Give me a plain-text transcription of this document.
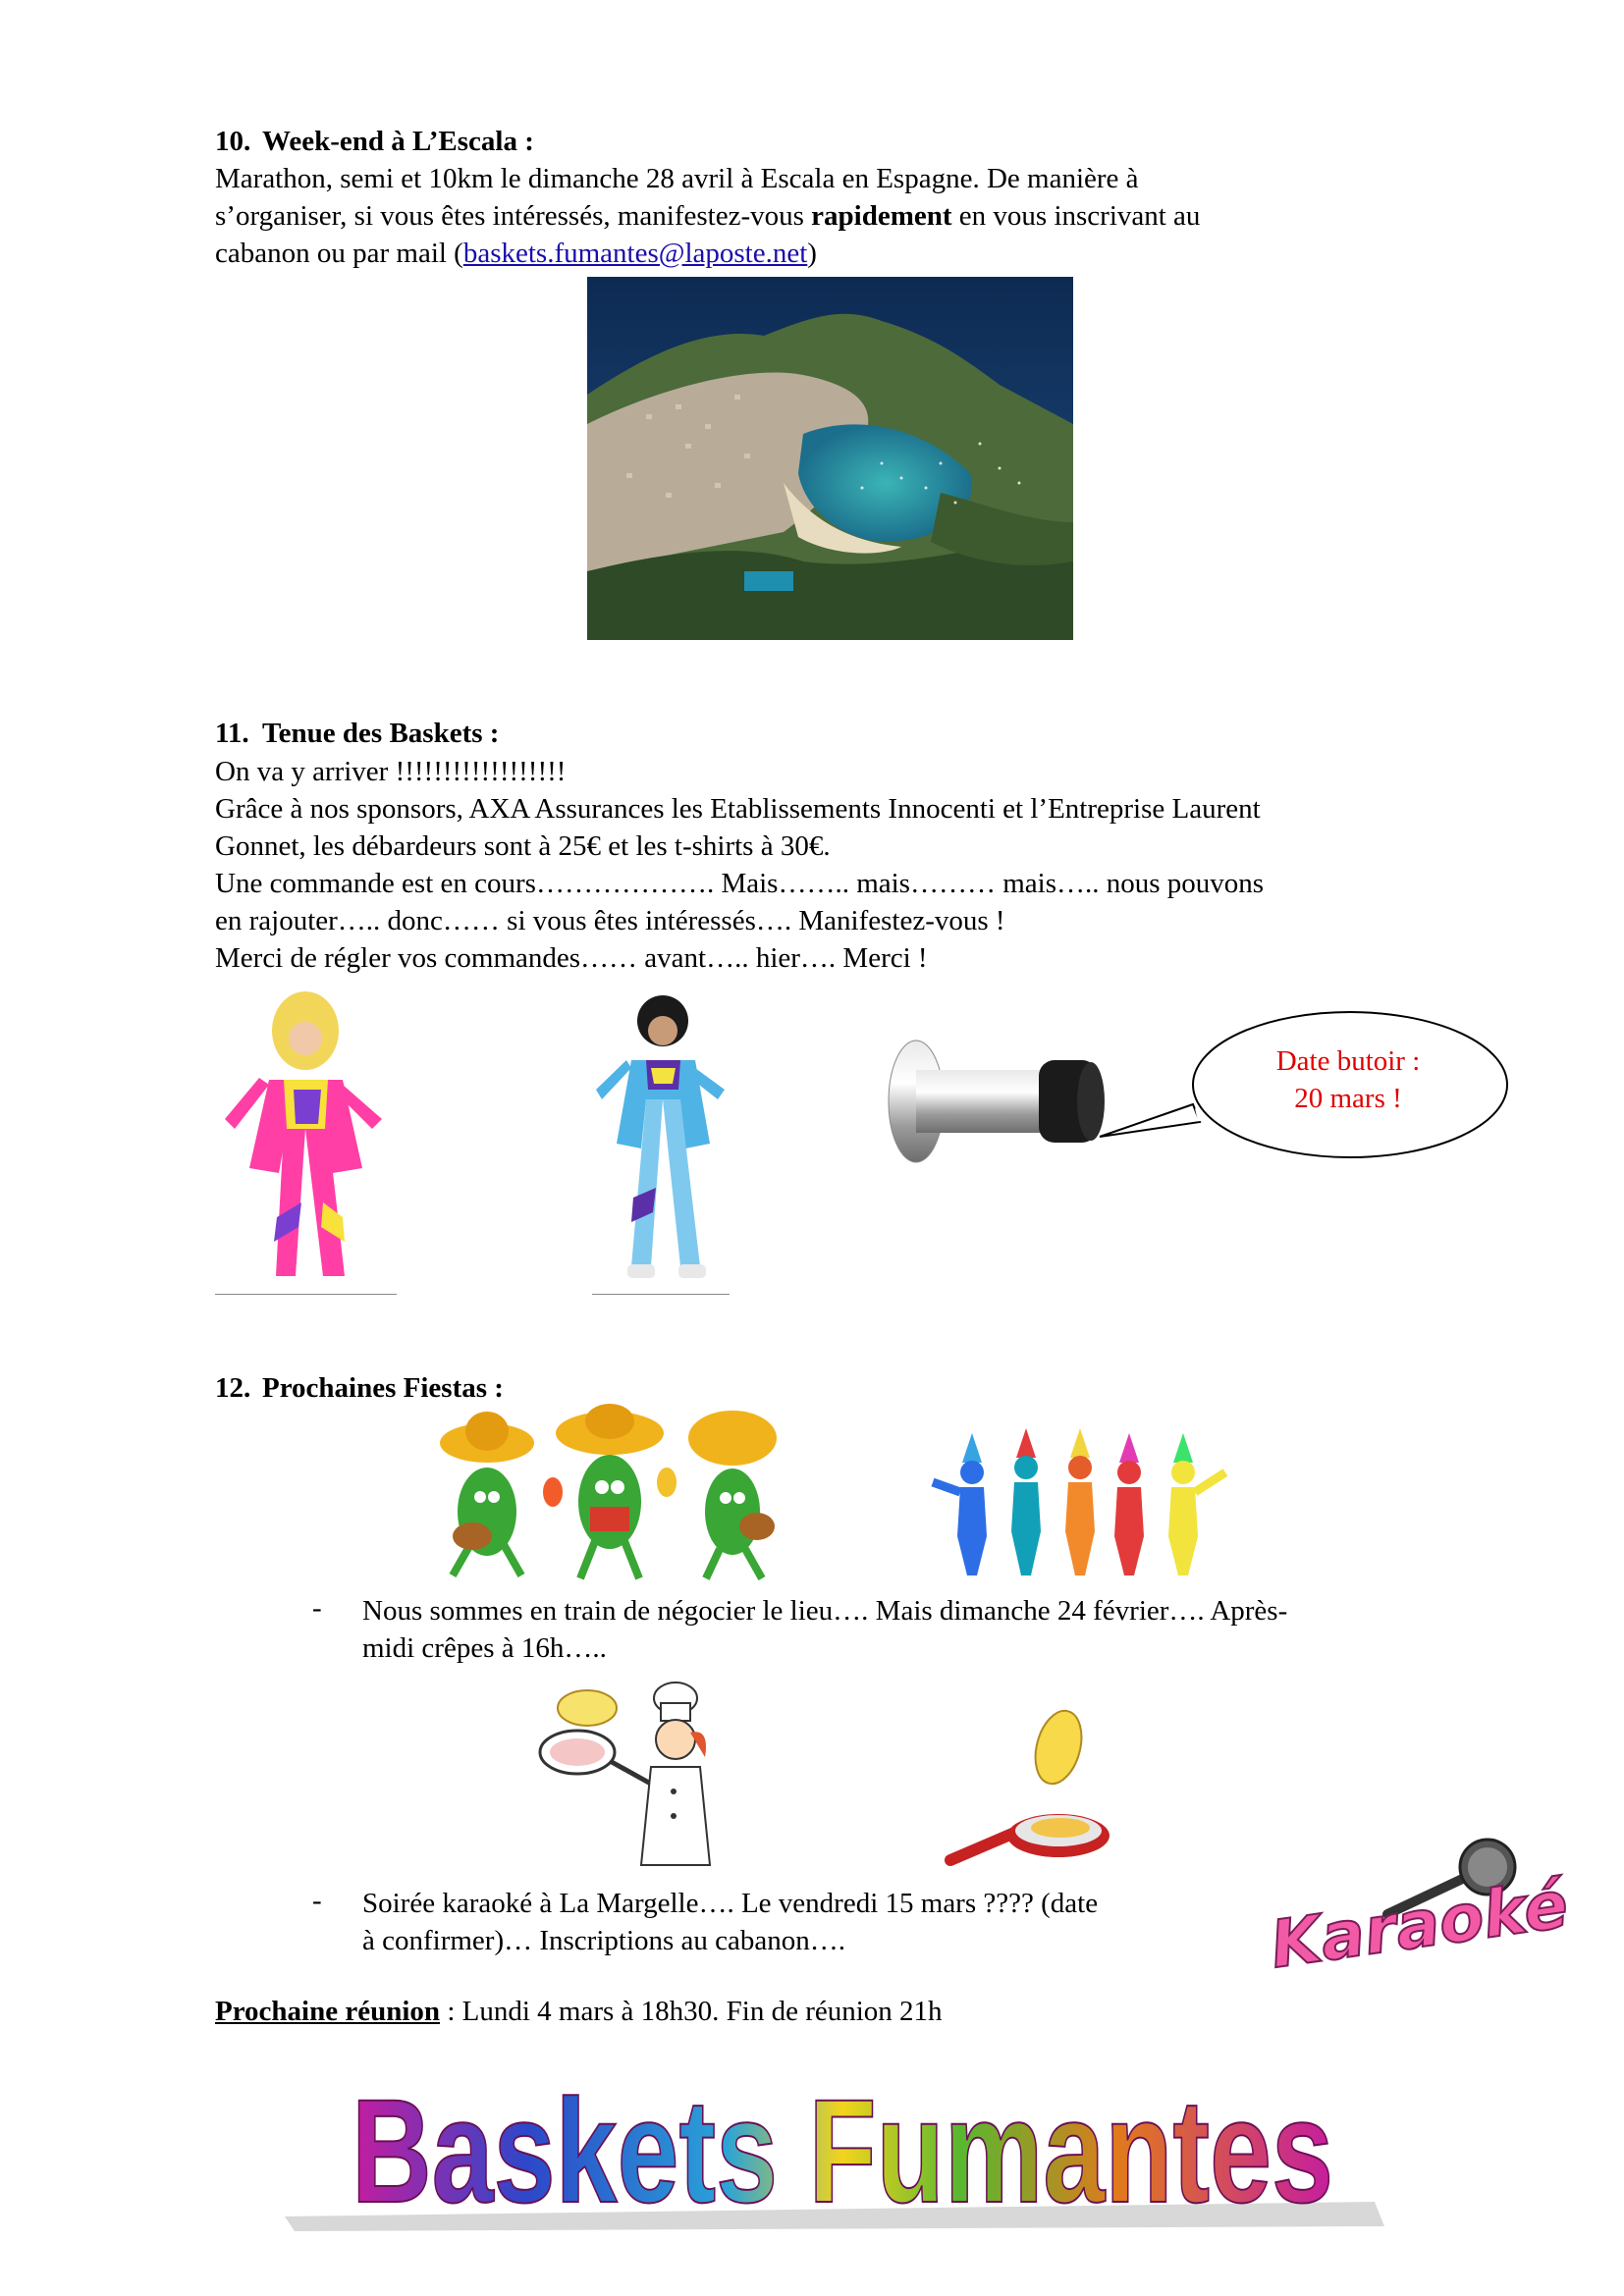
10. Week-end à L’Escala :
Marathon, semi et 10km le dimanche 28 avril à Escala en Espagne. De manière à
s’organiser, si vous êtes intéressés, manifestez-vous rapidement en vous inscrivant au
cabanon ou par mail (baskets.fumantes@laposte.net)
11. Tenue des Baskets :
On va y arriver !!!!!!!!!!!!!!!!!!
Grâce à nos sponsors, AXA Assurances les Etablissements Innocenti et l’Entreprise Laurent
Gonnet, les débardeurs sont à 25€ et les t-shirts à 30€.
Une commande est en cours………………. Mais…….. mais……… mais….. nous pouvons
en rajouter….. donc…… si vous êtes intéressés…. Manifestez-vous !
Merci de régler vos commandes…… avant….. hier…. Merci !
Date butoir :
20 mars !
12. Prochaines Fiestas :
- Nous sommes en train de négocier le lieu…. Mais dimanche 24 février…. Après-
midi crêpes à 16h…..
- Soirée karaoké à La Margelle…. Le vendredi 15 mars ???? (date
à confirmer)… Inscriptions au cabanon….	Karaoké
Prochaine réunion : Lundi 4 mars à 18h30. Fin de réunion 21h
Baskets Fumantes
